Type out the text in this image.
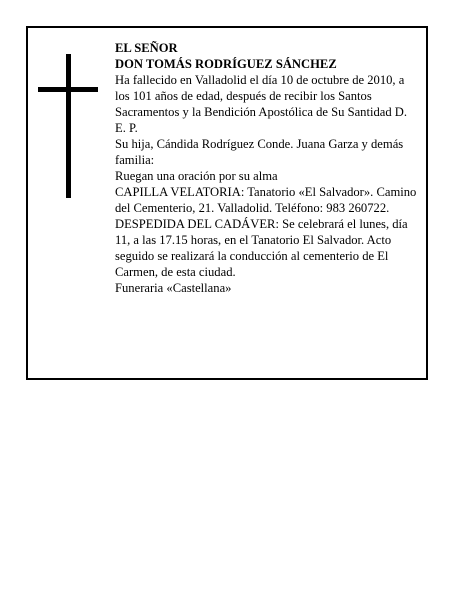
EL SEÑOR

DON TOMÁS RODRÍGUEZ SÁNCHEZ

Ha fallecido en Valladolid el día 10 de octubre de 2010, a los 101 años de edad, después de recibir los Santos Sacramentos y la Bendición Apostólica de Su Santidad D. E. P.

Su hija, Cándida Rodríguez Conde. Juana Garza y demás familia:

Ruegan una oración por su alma

CAPILLA VELATORIA: Tanatorio «El Salvador». Camino del Cementerio, 21. Valladolid. Teléfono: 983 260722.

DESPEDIDA DEL CADÁVER: Se celebrará el lunes, día 11, a las 17.15 horas, en el Tanatorio El Salvador. Acto seguido se realizará la conducción al cementerio de El Carmen, de esta ciudad.

Funeraria «Castellana»
